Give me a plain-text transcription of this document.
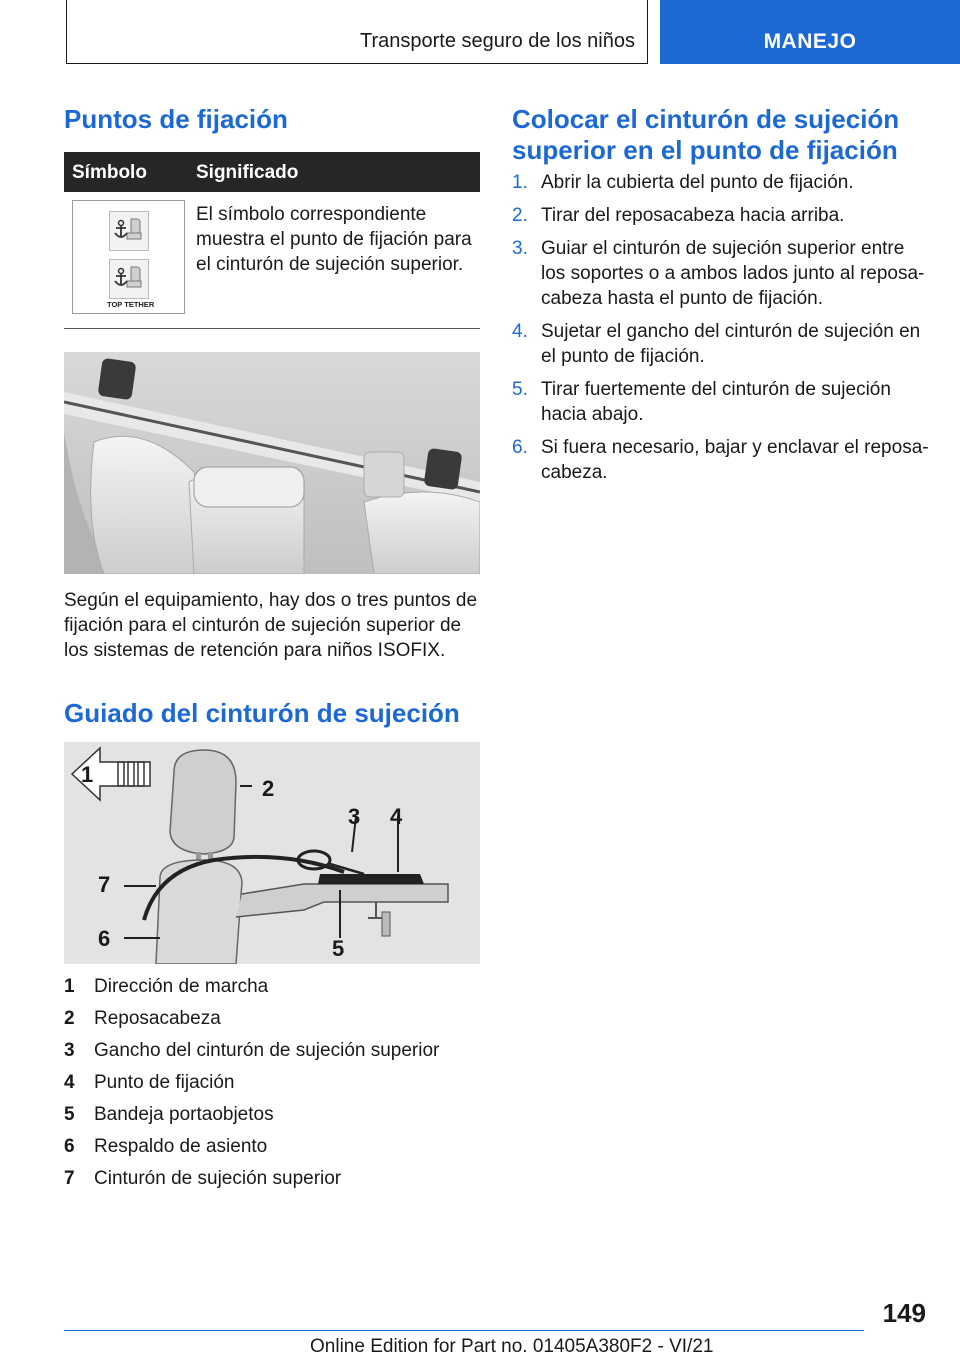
Transporte seguro de los niños	MANEJO
Puntos de fijación
Símbolo	Significado
TOP TETHER
El símbolo correspondiente muestra el punto de fijación para el cinturón de sujeción superior.
Según el equipamiento, hay dos o tres puntos de fijación para el cinturón de sujeción superior de los sistemas de retención para niños ISOFIX.
Guiado del cinturón de sujeción
1
2
3 4
5
6
7
1 Dirección de marcha
2 Reposacabeza
3 Gancho del cinturón de sujeción superior
4 Punto de fijación
5 Bandeja portaobjetos
6 Respaldo de asiento
7 Cinturón de sujeción superior
Colocar el cinturón de sujeción
superior en el punto de fijación
1. Abrir la cubierta del punto de fijación.
2. Tirar del reposacabeza hacia arriba.
3. Guiar el cinturón de sujeción superior entre los soportes o a ambos lados junto al reposa‐ cabeza hasta el punto de fijación.
4. Sujetar el gancho del cinturón de sujeción en el punto de fijación.
5. Tirar fuertemente del cinturón de sujeción hacia abajo.
6. Si fuera necesario, bajar y enclavar el reposa‐ cabeza.
149
Online Edition for Part no. 01405A380F2 - VI/21
